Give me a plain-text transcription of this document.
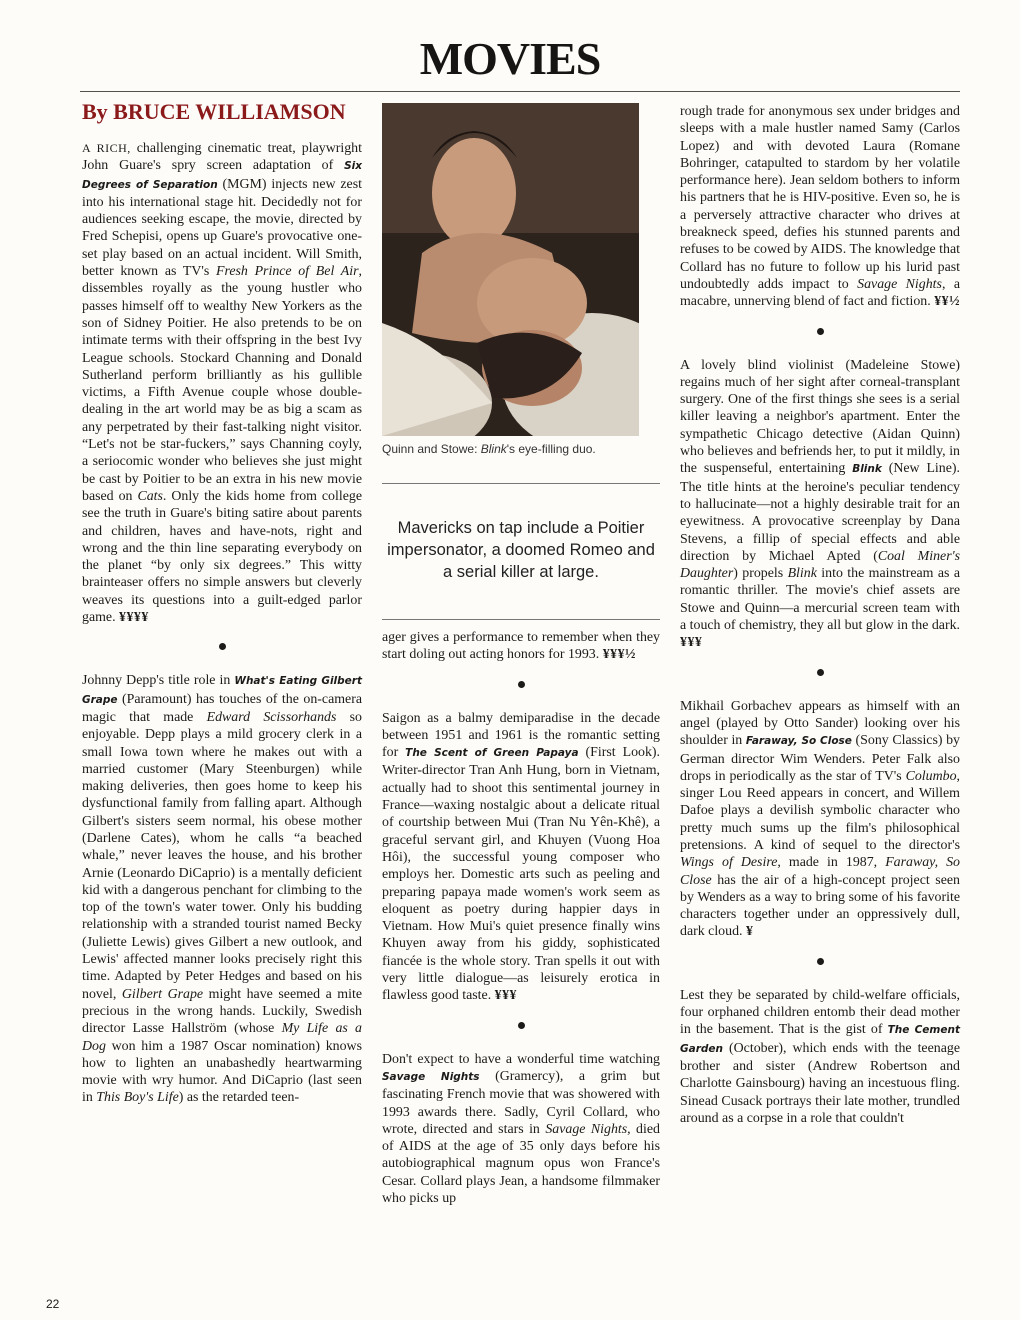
MOVIES
By BRUCE WILLIAMSON

A RICH, challenging cinematic treat, playwright John Guare's spry screen adaptation of Six Degrees of Separation (MGM) injects new zest into his international stage hit. Decidedly not for audiences seeking escape, the movie, directed by Fred Schepisi, opens up Guare's provocative one-set play based on an actual incident. Will Smith, better known as TV's Fresh Prince of Bel Air, dissembles royally as the young hustler who passes himself off to wealthy New Yorkers as the son of Sidney Poitier. He also pretends to be on intimate terms with their offspring in the best Ivy League schools. Stockard Channing and Donald Sutherland perform brilliantly as his gullible victims, a Fifth Avenue couple whose double-dealing in the art world may be as big a scam as any perpetrated by their fast-talking night visitor. “Let's not be star-fuckers,” says Channing coyly, a seriocomic wonder who believes she just might be cast by Poitier to be an extra in his new movie based on Cats. Only the kids home from college see the truth in Guare's biting satire about parents and children, haves and have-nots, right and wrong and the thin line separating everybody on the planet “by only six degrees.” This witty brainteaser offers no simple answers but cleverly weaves its questions into a guilt-edged parlor game. ¥¥¥¥

Johnny Depp's title role in What's Eating Gilbert Grape (Paramount) has touches of the on-camera magic that made Edward Scissorhands so enjoyable. Depp plays a mild grocery clerk in a small Iowa town where he makes out with a married customer (Mary Steenburgen) while making deliveries, then goes home to keep his dysfunctional family from falling apart. Although Gilbert's sisters seem normal, his obese mother (Darlene Cates), whom he calls “a beached whale,” never leaves the house, and his brother Arnie (Leonardo DiCaprio) is a mentally deficient kid with a dangerous penchant for climbing to the top of the town's water tower. Only his budding relationship with a stranded tourist named Becky (Juliette Lewis) gives Gilbert a new outlook, and Lewis' affected manner looks precisely right this time. Adapted by Peter Hedges and based on his novel, Gilbert Grape might have seemed a mite precious in the wrong hands. Luckily, Swedish director Lasse Hallström (whose My Life as a Dog won him a 1987 Oscar nomination) knows how to lighten an unabashedly heartwarming movie with wry humor. And DiCaprio (last seen in This Boy's Life) as the retarded teen-

Quinn and Stowe: Blink's eye-filling duo.
Mavericks on tap include a Poitier impersonator, a doomed Romeo and a serial killer at large.

ager gives a performance to remember when they start doling out acting honors for 1993. ¥¥¥½

Saigon as a balmy demiparadise in the decade between 1951 and 1961 is the romantic setting for The Scent of Green Papaya (First Look). Writer-director Tran Anh Hung, born in Vietnam, actually had to shoot this sentimental journey in France—waxing nostalgic about a delicate ritual of courtship between Mui (Tran Nu Yên-Khê), a graceful servant girl, and Khuyen (Vuong Hoa Hôi), the successful young composer who employs her. Domestic arts such as peeling and preparing papaya made women's work seem as eloquent as poetry during happier days in Vietnam. How Mui's quiet presence finally wins Khuyen away from his giddy, sophisticated fiancée is the whole story. Tran spells it out with very little dialogue—as leisurely erotica in flawless good taste. ¥¥¥

Don't expect to have a wonderful time watching Savage Nights (Gramercy), a grim but fascinating French movie that was showered with 1993 awards there. Sadly, Cyril Collard, who wrote, directed and stars in Savage Nights, died of AIDS at the age of 35 only days before his autobiographical magnum opus won France's Cesar. Collard plays Jean, a handsome filmmaker who picks up

rough trade for anonymous sex under bridges and sleeps with a male hustler named Samy (Carlos Lopez) and with devoted Laura (Romane Bohringer, catapulted to stardom by her volatile performance here). Jean seldom bothers to inform his partners that he is HIV-positive. Even so, he is a perversely attractive character who drives at breakneck speed, defies his stunned parents and refuses to be cowed by AIDS. The knowledge that Collard has no future to follow up his lurid past undoubtedly adds impact to Savage Nights, a macabre, unnerving blend of fact and fiction. ¥¥½

A lovely blind violinist (Madeleine Stowe) regains much of her sight after corneal-transplant surgery. One of the first things she sees is a serial killer leaving a neighbor's apartment. Enter the sympathetic Chicago detective (Aidan Quinn) who believes and befriends her, to put it mildly, in the suspenseful, entertaining Blink (New Line). The title hints at the heroine's peculiar tendency to hallucinate—not a highly desirable trait for an eyewitness. A provocative screenplay by Dana Stevens, a fillip of special effects and able direction by Michael Apted (Coal Miner's Daughter) propels Blink into the mainstream as a romantic thriller. The movie's chief assets are Stowe and Quinn—a mercurial screen team with a touch of chemistry, they all but glow in the dark. ¥¥¥

Mikhail Gorbachev appears as himself with an angel (played by Otto Sander) looking over his shoulder in Faraway, So Close (Sony Classics) by German director Wim Wenders. Peter Falk also drops in periodically as the star of TV's Columbo, singer Lou Reed appears in concert, and Willem Dafoe plays a devilish symbolic character who pretty much sums up the film's philosophical pretensions. A kind of sequel to the director's Wings of Desire, made in 1987, Faraway, So Close has the air of a high-concept project seen by Wenders as a way to bring some of his favorite characters together under an oppressively dull, dark cloud. ¥

Lest they be separated by child-welfare officials, four orphaned children entomb their dead mother in the basement. That is the gist of The Cement Garden (October), which ends with the teenage brother and sister (Andrew Robertson and Charlotte Gainsbourg) having an incestuous fling. Sinead Cusack portrays their late mother, trundled around as a corpse in a role that couldn't

22
